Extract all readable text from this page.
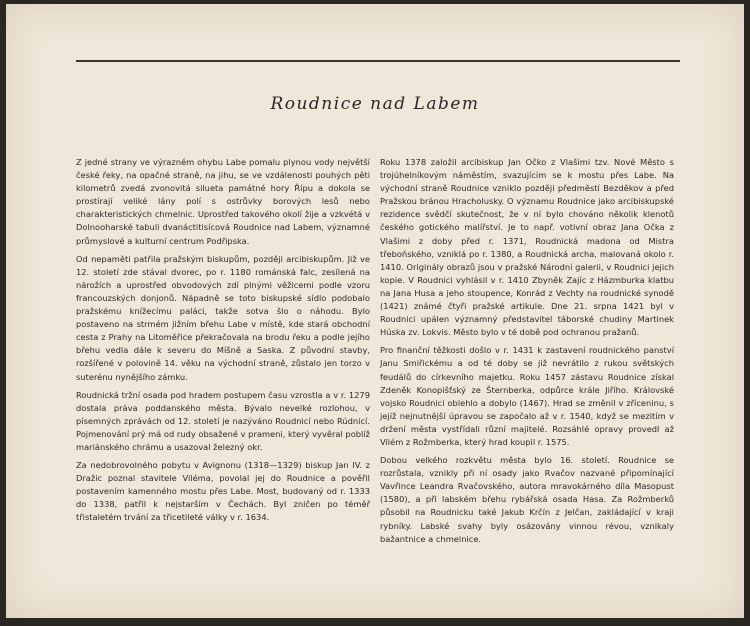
Roudnice nad Labem

Z jedné strany ve výrazném ohybu Labe pomalu plynou vody největší české řeky, na opačné straně, na jihu, se ve vzdálenosti pouhých pěti kilometrů zvedá zvonovitá silueta památné hory Řípu a dokola se prostírají veliké lány polí s ostrůvky borových lesů nebo charakteristických chmelnic. Uprostřed takového okolí žije a vzkvétá v Dolnooharské tabuli dvanáctitisícová Roudnice nad Labem, významné průmyslové a kulturní centrum Podřipska.

Od nepaměti patřila pražským biskupům, později arcibiskupům. Již ve 12. století zde stával dvorec, po r. 1180 románská falc, zesílená na nárožích a uprostřed obvodových zdí plnými věžicemi podle vzoru francouzských donjonů. Nápadně se toto biskupské sídlo podobalo pražskému knížecímu paláci, takže sotva šlo o náhodu. Bylo postaveno na strmém jižním břehu Labe v místě, kde stará obchodní cesta z Prahy na Litoměřice překračovala na brodu řeku a podle jejího břehu vedla dále k severu do Míšně a Saska. Z původní stavby, rozšířené v polovině 14. věku na východní straně, zůstalo jen torzo v suterénu nynějšího zámku.

Roudnická tržní osada pod hradem postupem času vzrostla a v r. 1279 dostala práva poddanského města. Bývalo nevelké rozlohou, v písemných zprávách od 12. století je nazýváno Roudnicí nebo Rúdnicí. Pojmenování prý má od rudy obsažené v prameni, který vyvěral poblíž mariánského chrámu a usazoval železný okr.

Za nedobrovolného pobytu v Avignonu (1318—1329) biskup Jan IV. z Dražic poznal stavitele Viléma, povolal jej do Roudnice a pověřil postavením kamenného mostu přes Labe. Most, budovaný od r. 1333 do 1338, patřil k nejstarším v Čechách. Byl zničen po téměř třistaletém trvání za třicetileté války v r. 1634.

Roku 1378 založil arcibiskup Jan Očko z Vlašimi tzv. Nové Město s trojúhelníkovým náměstím, svazujícím se k mostu přes Labe. Na východní straně Roudnice vzniklo později předměstí Bezděkov a před Pražskou bránou Hracholusky. O významu Roudnice jako arcibiskupské rezidence svědčí skutečnost, že v ní bylo chováno několik klenotů českého gotického malířství. Je to např. votivní obraz Jana Očka z Vlašimi z doby před r. 1371, Roudnická madona od Mistra třeboňského, vzniklá po r. 1380, a Roudnická archa, malovaná okolo r. 1410. Originály obrazů jsou v pražské Národní galerii, v Roudnici jejich kopie. V Roudnici vyhlásil v r. 1410 Zbyněk Zajíc z Házmburka klatbu na Jana Husa a jeho stoupence, Konrád z Vechty na roudnické synodě (1421) známé čtyři pražské artikule. Dne 21. srpna 1421 byl v Roudnici upálen významný představitel táborské chudiny Martinek Húska zv. Lokvis. Město bylo v té době pod ochranou pražanů.

Pro finanční těžkosti došlo v r. 1431 k zastavení roudnického panství Janu Smiřickému a od té doby se již nevrátilo z rukou světských feudálů do církevního majetku. Roku 1457 zástavu Roudnice získal Zdeněk Konopišťský ze Šternberka, odpůrce krále Jiřího. Královské vojsko Roudnici oblehlo a dobylo (1467). Hrad se změnil v zříceninu, s jejíž nejnutnější úpravou se započalo až v r. 1540, když se mezitím v držení města vystřídali různí majitelé. Rozsáhlé opravy provedl až Vilém z Rožmberka, který hrad koupil r. 1575.

Dobou velkého rozkvětu města bylo 16. století. Roudnice se rozrůstala, vznikly při ní osady jako Rvačov nazvané připomínající Vavřince Leandra Rvačovského, autora mravokárného díla Masopust (1580), a při labském břehu rybářská osada Hasa. Za Rožmberků působil na Roudnicku také Jakub Krčín z Jelčan, zakládající v kraji rybníky. Labské svahy byly osázovány vinnou révou, vznikaly bažantnice a chmelnice.
